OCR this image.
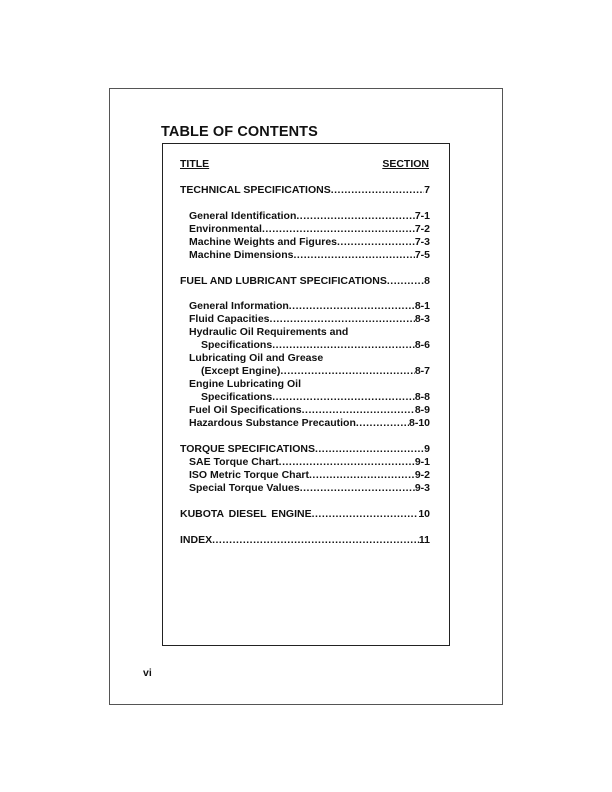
TABLE OF CONTENTS
TITLE	SECTION
TECHNICAL SPECIFICATIONS .....	7
General Identification .....	7-1
Environmental .....	7-2
Machine Weights and Figures .....	7-3
Machine Dimensions .....	7-5
FUEL AND LUBRICANT SPECIFICATIONS .....	8
General Information .....	8-1
Fluid Capacities .....	8-3
Hydraulic Oil Requirements and
Specifications .....	8-6
Lubricating Oil and Grease
(Except Engine) .....	8-7
Engine Lubricating Oil
Specifications .....	8-8
Fuel Oil Specifications .....	8-9
Hazardous Substance Precaution .....	8-10
TORQUE SPECIFICATIONS .....	9
SAE Torque Chart .....	9-1
ISO Metric Torque Chart .....	9-2
Special Torque Values .....	9-3
KUBOTA DIESEL ENGINE .....	10
INDEX .....	11
vi
